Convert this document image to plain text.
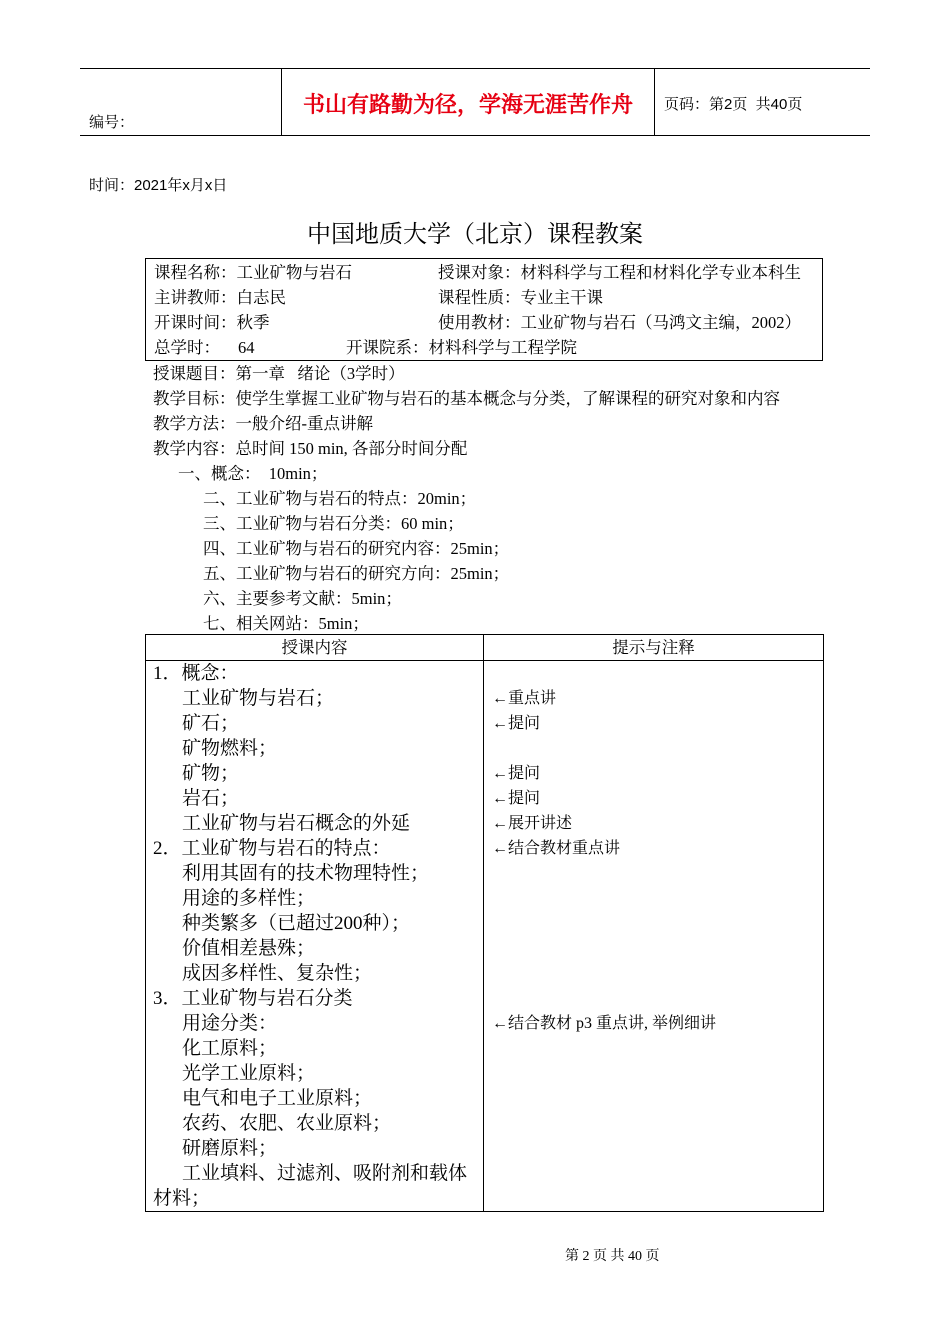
编号：

时间：2021年x月x日

书山有路勤为径，学海无涯苦作舟 页码：第2页  共40页
中国地质大学（北京）课程教案
课程名称：工业矿物与岩石	授课对象：材料科学与工程和材料化学专业本科生
主讲教师：白志民	课程性质：专业主干课
开课时间：秋季	使用教材：工业矿物与岩石（马鸿文主编，2002）
总学时：	64	开课院系： 材料科学与工程学院
授课题目：第一章   绪论（3学时）
教学目标：使学生掌握工业矿物与岩石的基本概念与分类，了解课程的研究对象和内容
教学方法：一般介绍-重点讲解
教学内容：总时间 150 min, 各部分时间分配
一、概念：  10min；
二、工业矿物与岩石的特点：20min；
三、工业矿物与岩石分类：60 min；
四、工业矿物与岩石的研究内容：25min；
五、工业矿物与岩石的研究方向：25min；
六、主要参考文献：5min；
七、相关网站：5min；
授课内容	提示与注释
1．概念：
工业矿物与岩石；	←重点讲
矿石；	←提问
矿物燃料；
矿物；	←提问
岩石；	←提问
工业矿物与岩石概念的外延	←展开讲述
2．工业矿物与岩石的特点：	←结合教材重点讲
利用其固有的技术物理特性；
用途的多样性；
种类繁多（已超过200种）；
价值相差悬殊；
成因多样性、复杂性；
3．工业矿物与岩石分类
用途分类：	←结合教材 p3 重点讲, 举例细讲
化工原料；
光学工业原料；
电气和电子工业原料；
农药、农肥、农业原料；
研磨原料；
工业填料、过滤剂、吸附剂和载体
材料；
第 2 页 共 40 页
